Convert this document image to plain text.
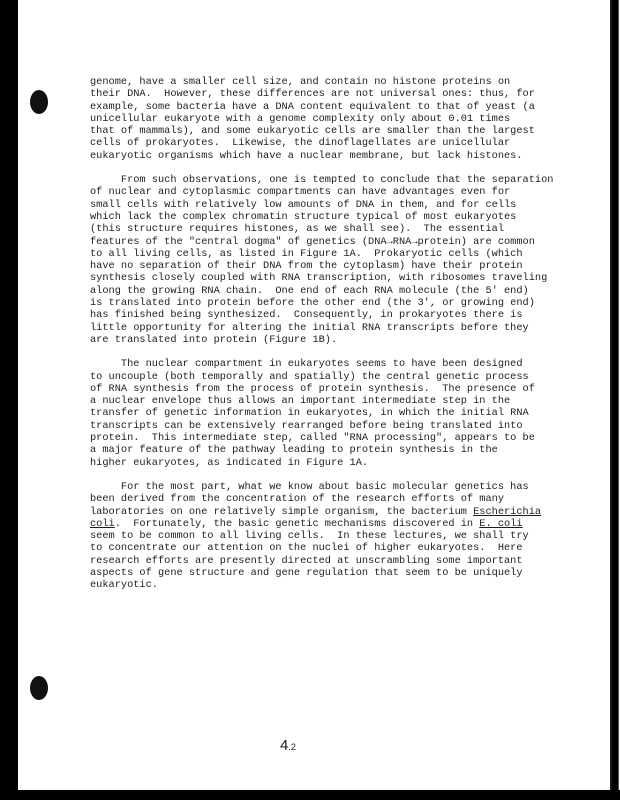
genome, have a smaller cell size, and contain no histone proteins on
their DNA.  However, these differences are not universal ones: thus, for
example, some bacteria have a DNA content equivalent to that of yeast (a
unicellular eukaryote with a genome complexity only about 0.01 times
that of mammals), and some eukaryotic cells are smaller than the largest
cells of prokaryotes.  Likewise, the dinoflagellates are unicellular
eukaryotic organisms which have a nuclear membrane, but lack histones.
From such observations, one is tempted to conclude that the separation
of nuclear and cytoplasmic compartments can have advantages even for
small cells with relatively low amounts of DNA in them, and for cells
which lack the complex chromatin structure typical of most eukaryotes
(this structure requires histones, as we shall see).  The essential
features of the "central dogma" of genetics (DNA→RNA→protein) are common
to all living cells, as listed in Figure 1A.  Prokaryotic cells (which
have no separation of their DNA from the cytoplasm) have their protein
synthesis closely coupled with RNA transcription, with ribosomes traveling
along the growing RNA chain.  One end of each RNA molecule (the 5' end)
is translated into protein before the other end (the 3', or growing end)
has finished being synthesized.  Consequently, in prokaryotes there is
little opportunity for altering the initial RNA transcripts before they
are translated into protein (Figure 1B).
The nuclear compartment in eukaryotes seems to have been designed
to uncouple (both temporally and spatially) the central genetic process
of RNA synthesis from the process of protein synthesis.  The presence of
a nuclear envelope thus allows an important intermediate step in the
transfer of genetic information in eukaryotes, in which the initial RNA
transcripts can be extensively rearranged before being translated into
protein.  This intermediate step, called "RNA processing", appears to be
a major feature of the pathway leading to protein synthesis in the
higher eukaryotes, as indicated in Figure 1A.
For the most part, what we know about basic molecular genetics has
been derived from the concentration of the research efforts of many
laboratories on one relatively simple organism, the bacterium Escherichia
coli.  Fortunately, the basic genetic mechanisms discovered in E. coli
seem to be common to all living cells.  In these lectures, we shall try
to concentrate our attention on the nuclei of higher eukaryotes.  Here
research efforts are presently directed at unscrambling some important
aspects of gene structure and gene regulation that seem to be uniquely
eukaryotic.
4.2
